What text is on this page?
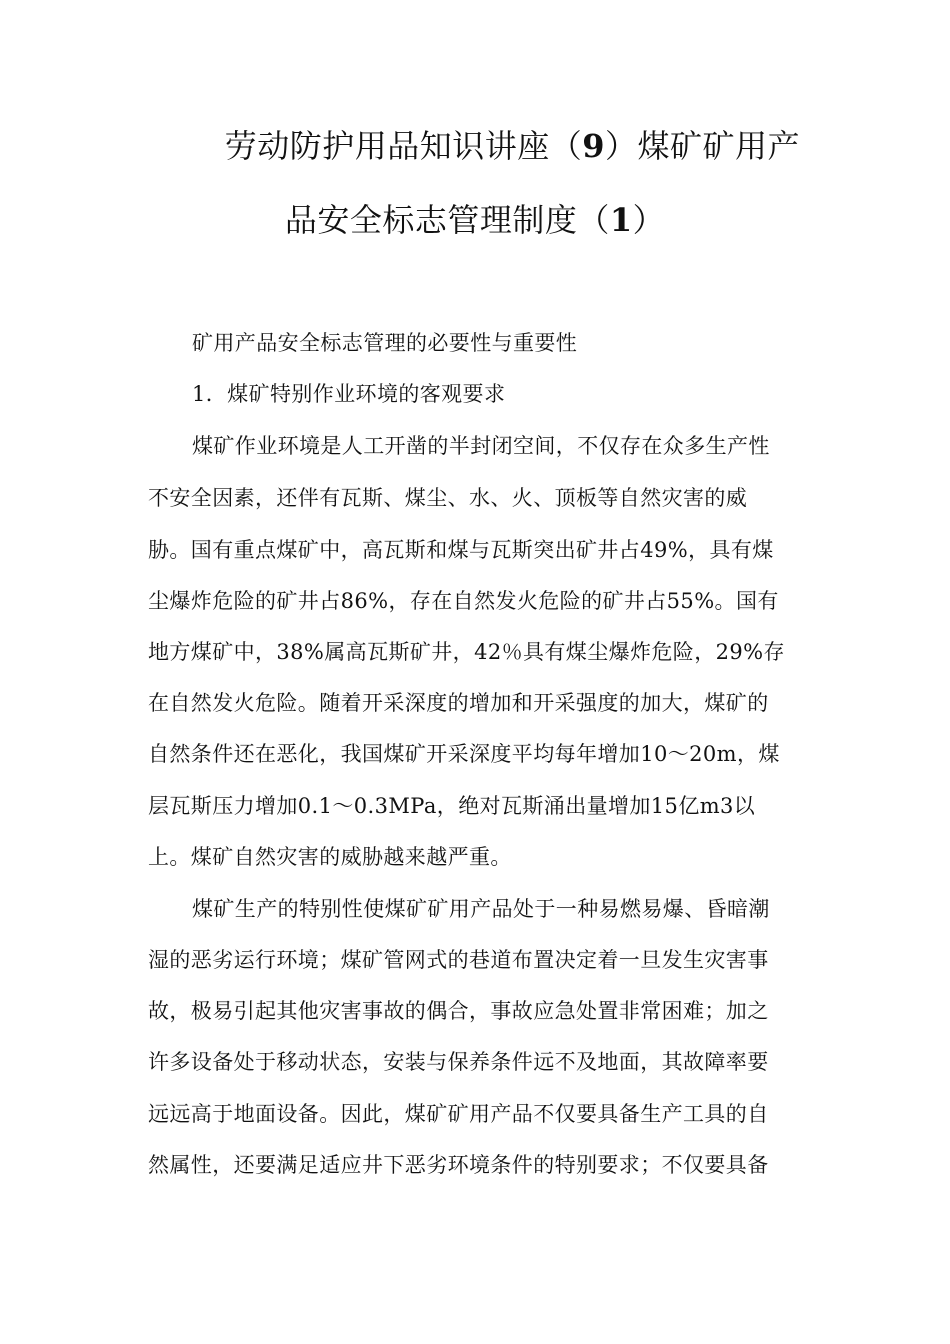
劳动防护用品知识讲座（9）煤矿矿用产
品安全标志管理制度（1）

矿用产品安全标志管理的必要性与重要性

1．煤矿特别作业环境的客观要求

煤矿作业环境是人工开凿的半封闭空间，不仅存在众多生产性

不安全因素，还伴有瓦斯、煤尘、水、火、顶板等自然灾害的威

胁。国有重点煤矿中，高瓦斯和煤与瓦斯突出矿井占49%，具有煤

尘爆炸危险的矿井占86%，存在自然发火危险的矿井占55%。国有

地方煤矿中，38%属高瓦斯矿井，42％具有煤尘爆炸危险，29%存

在自然发火危险。随着开采深度的增加和开采强度的加大，煤矿的

自然条件还在恶化，我国煤矿开采深度平均每年增加10～20m，煤

层瓦斯压力增加0.1～0.3MPa，绝对瓦斯涌出量增加15亿m3以

上。煤矿自然灾害的威胁越来越严重。

煤矿生产的特别性使煤矿矿用产品处于一种易燃易爆、昏暗潮

湿的恶劣运行环境；煤矿管网式的巷道布置决定着一旦发生灾害事

故，极易引起其他灾害事故的偶合，事故应急处置非常困难；加之

许多设备处于移动状态，安装与保养条件远不及地面，其故障率要

远远高于地面设备。因此，煤矿矿用产品不仅要具备生产工具的自

然属性，还要满足适应井下恶劣环境条件的特别要求；不仅要具备
